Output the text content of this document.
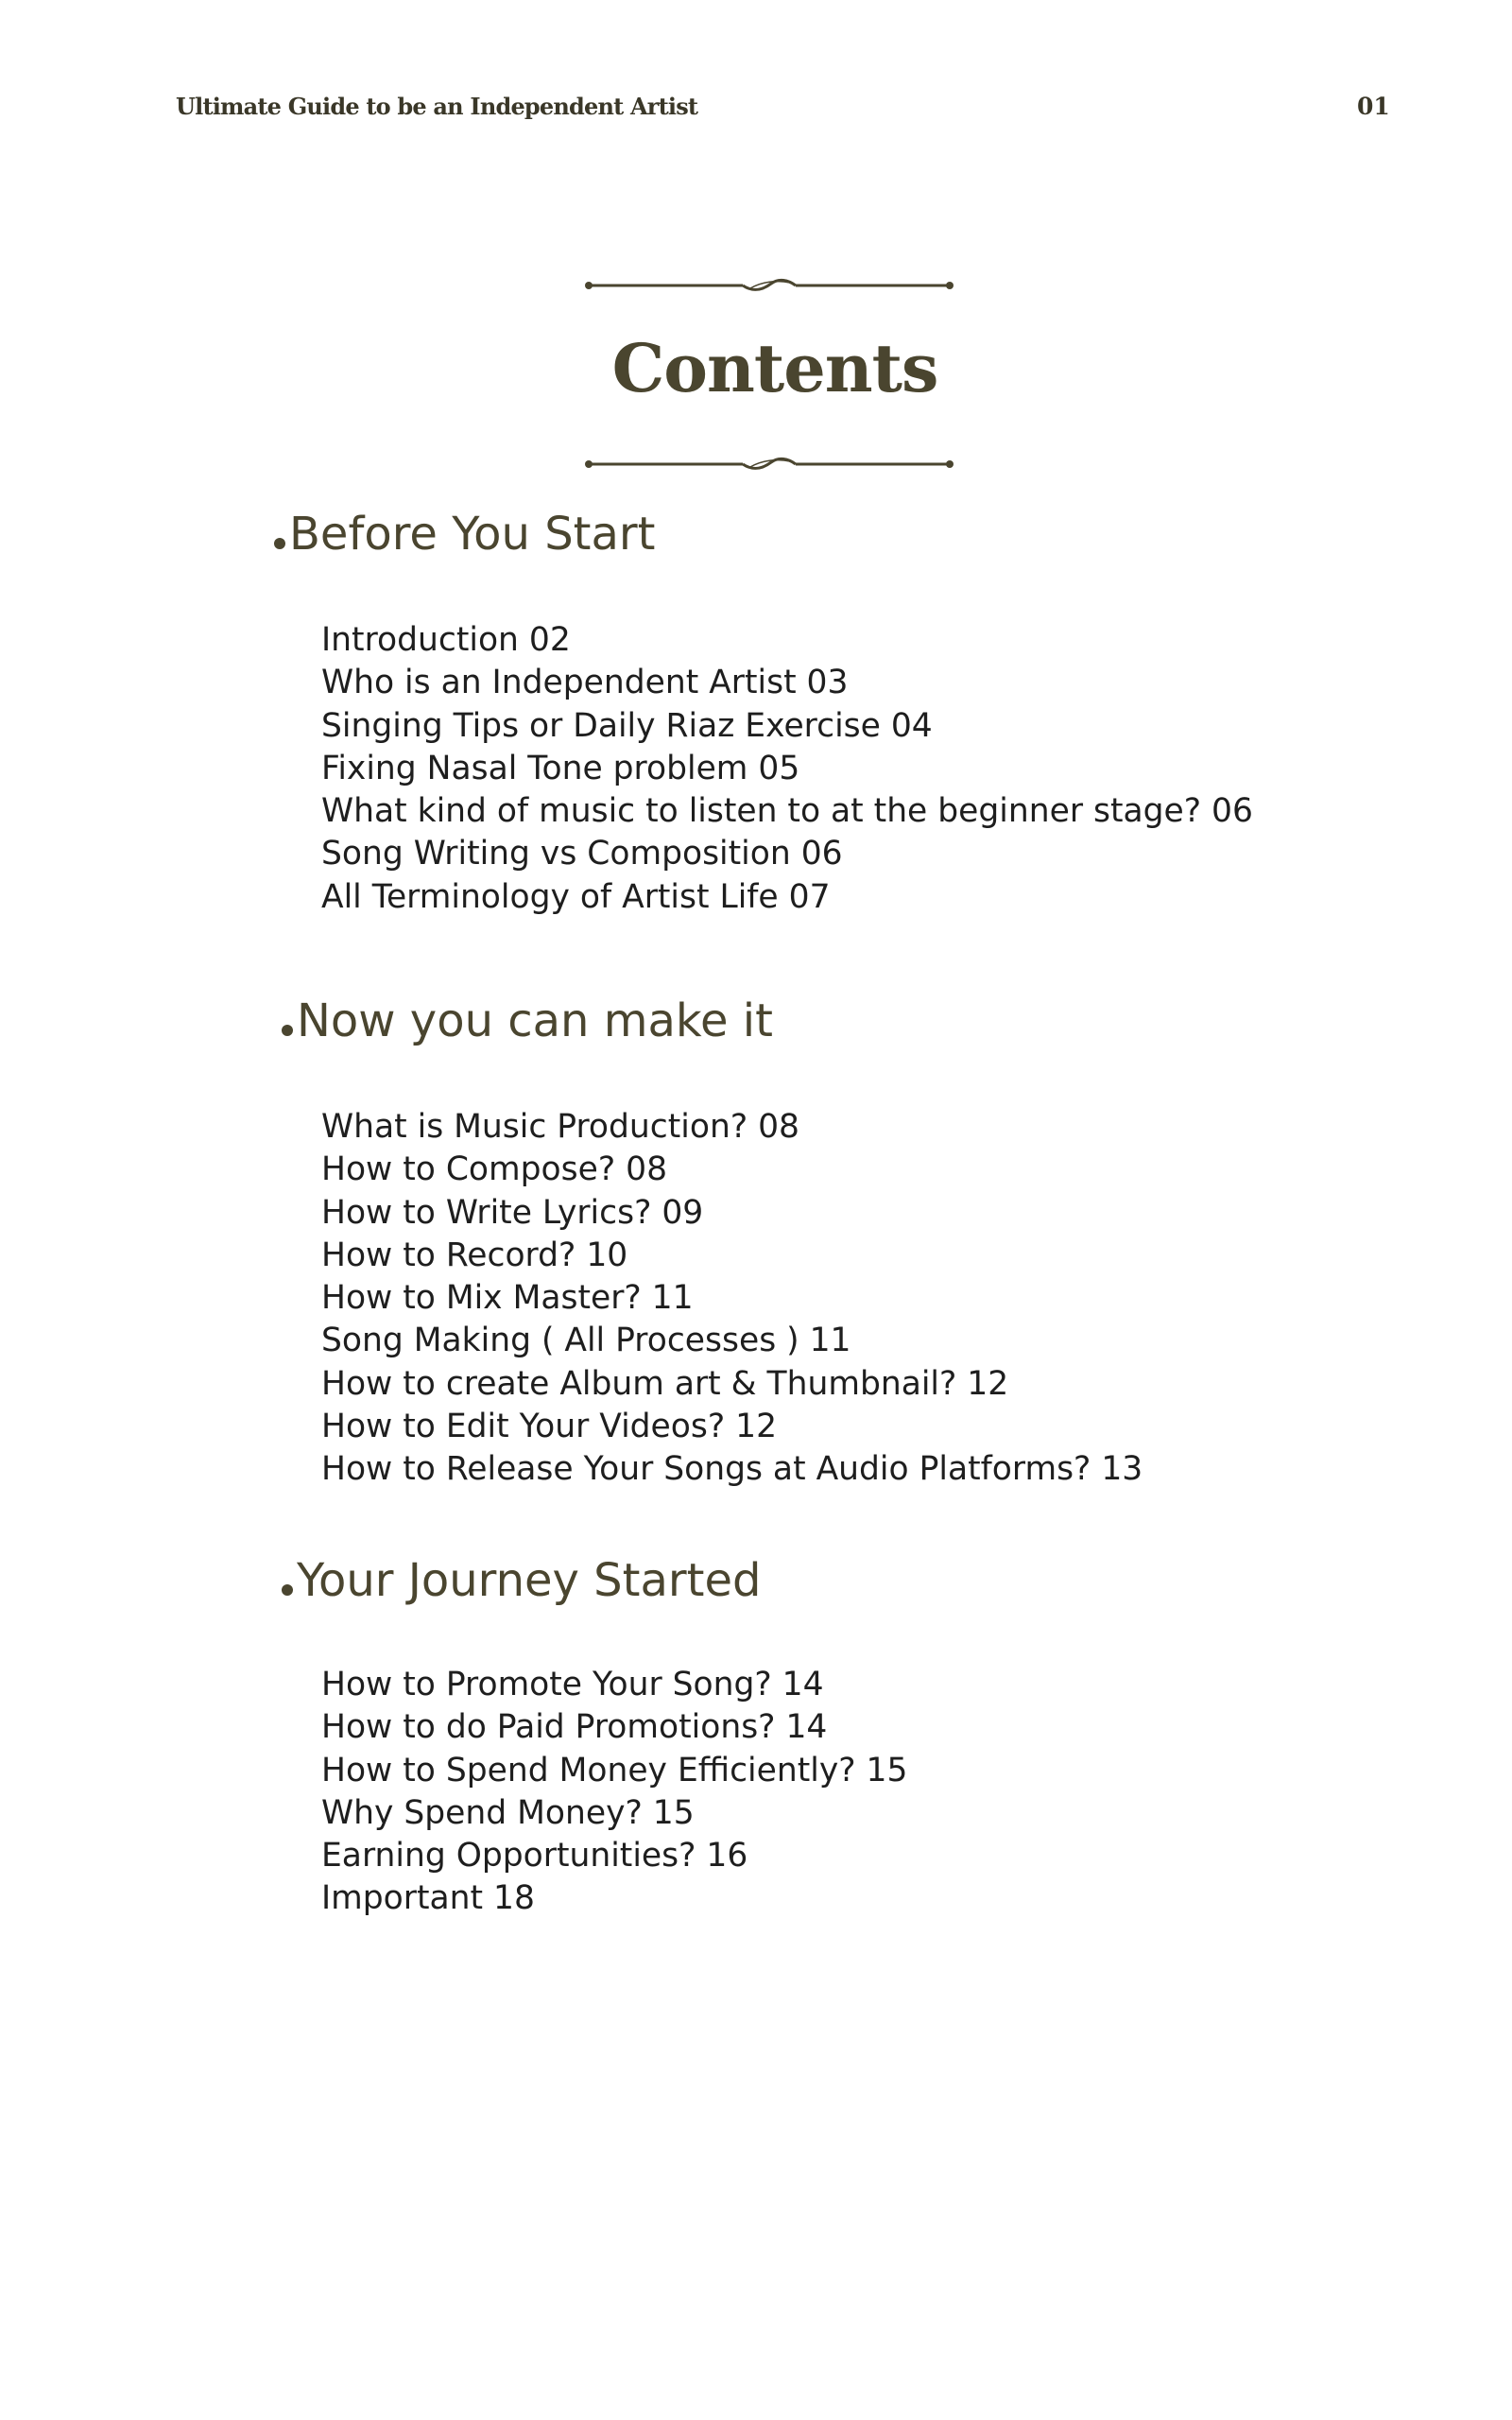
Ultimate Guide to be an Independent Artist	01
Contents
Before You Start
Introduction 02
Who is an Independent Artist 03
Singing Tips or Daily Riaz Exercise 04
Fixing Nasal Tone problem 05
What kind of music to listen to at the beginner stage? 06
Song Writing vs Composition 06
All Terminology of Artist Life 07
Now you can make it
What is Music Production? 08
How to Compose? 08
How to Write Lyrics? 09
How to Record? 10
How to Mix Master? 11
Song Making ( All Processes ) 11
How to create Album art & Thumbnail? 12
How to Edit Your Videos? 12
How to Release Your Songs at Audio Platforms? 13
Your Journey Started
How to Promote Your Song? 14
How to do Paid Promotions? 14
How to Spend Money Efficiently? 15
Why Spend Money? 15
Earning Opportunities? 16
Important 18
